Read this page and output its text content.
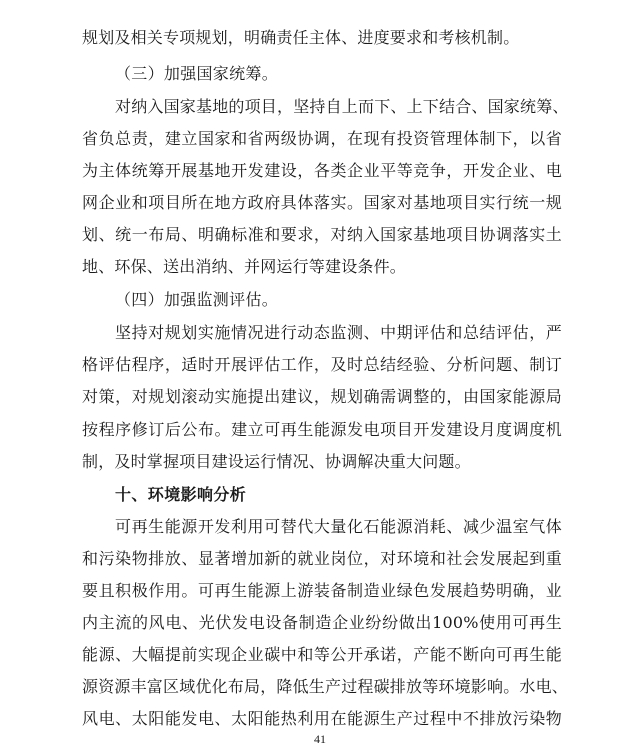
规划及相关专项规划，明确责任主体、进度要求和考核机制。
（三）加强国家统筹。
对纳入国家基地的项目，坚持自上而下、上下结合、国家统筹、
省负总责，建立国家和省两级协调，在现有投资管理体制下，以省
为主体统筹开展基地开发建设，各类企业平等竞争，开发企业、电
网企业和项目所在地方政府具体落实。国家对基地项目实行统一规
划、统一布局、明确标准和要求，对纳入国家基地项目协调落实土
地、环保、送出消纳、并网运行等建设条件。
（四）加强监测评估。
坚持对规划实施情况进行动态监测、中期评估和总结评估，严
格评估程序，适时开展评估工作，及时总结经验、分析问题、制订
对策，对规划滚动实施提出建议，规划确需调整的，由国家能源局
按程序修订后公布。建立可再生能源发电项目开发建设月度调度机
制，及时掌握项目建设运行情况、协调解决重大问题。
十、环境影响分析
可再生能源开发利用可替代大量化石能源消耗、减少温室气体
和污染物排放、显著增加新的就业岗位，对环境和社会发展起到重
要且积极作用。可再生能源上游装备制造业绿色发展趋势明确，业
内主流的风电、光伏发电设备制造企业纷纷做出100%使用可再生
能源、大幅提前实现企业碳中和等公开承诺，产能不断向可再生能
源资源丰富区域优化布局，降低生产过程碳排放等环境影响。水电、
风电、太阳能发电、太阳能热利用在能源生产过程中不排放污染物
41
